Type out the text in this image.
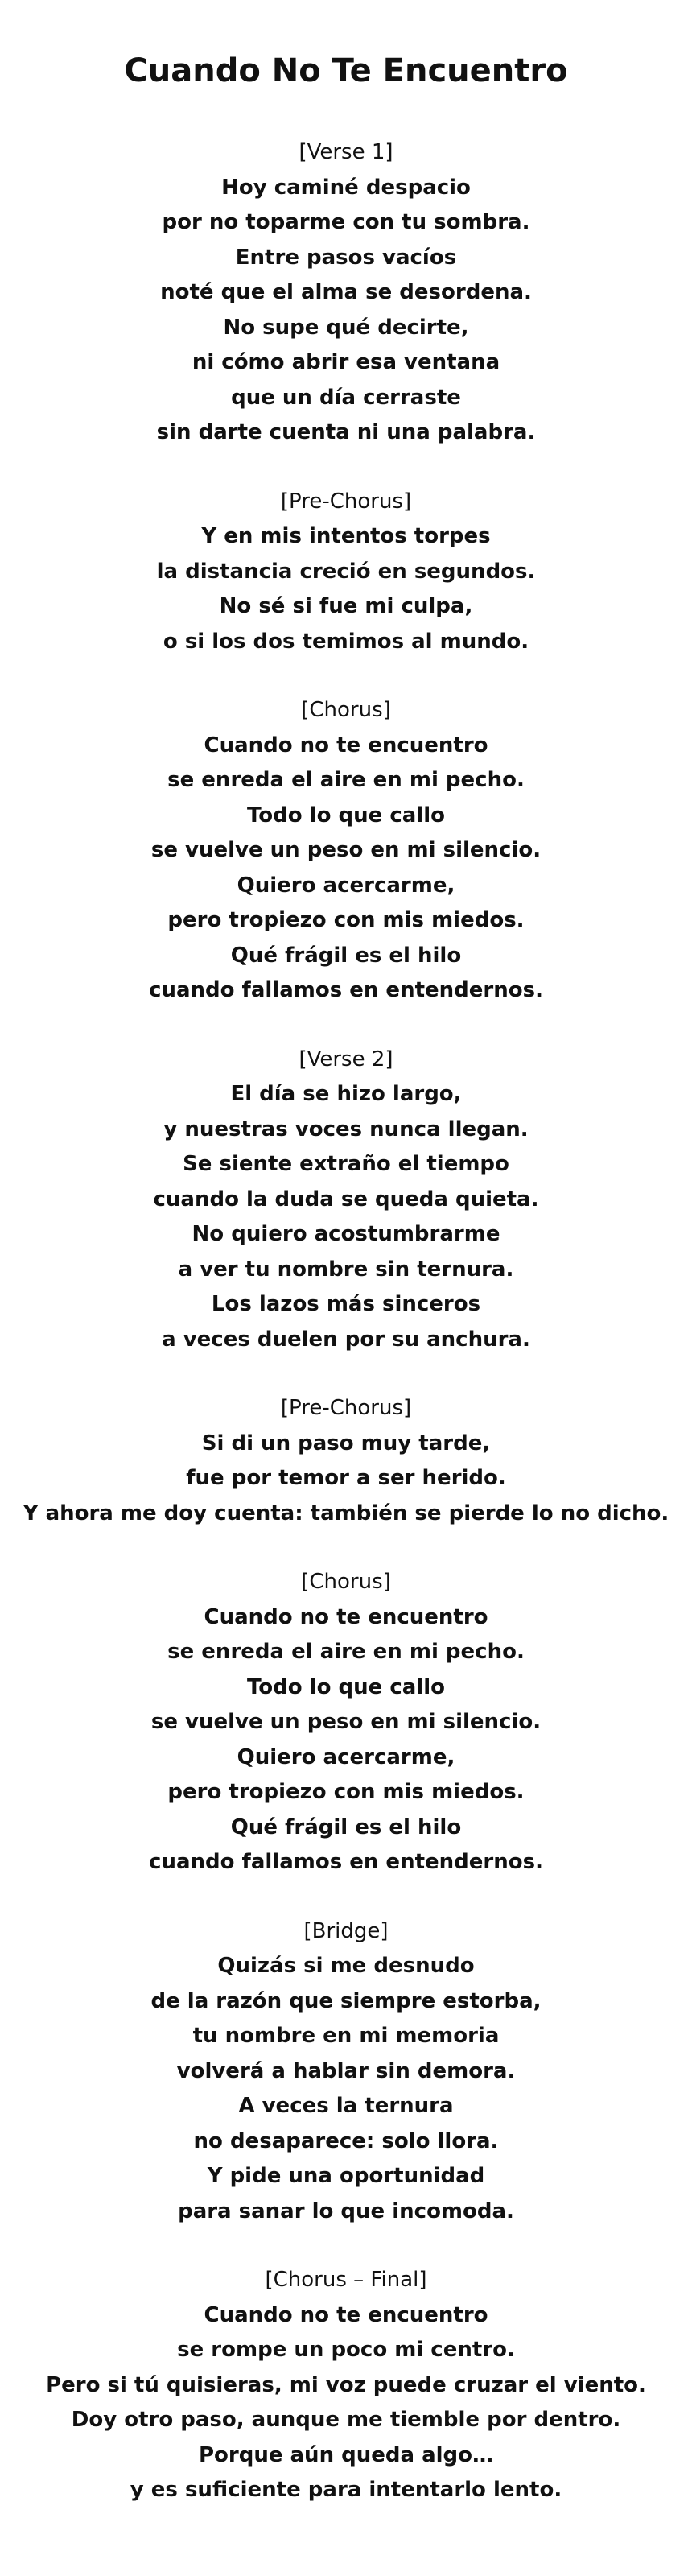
Cuando No Te Encuentro

[Verse 1]

Hoy caminé despacio

por no toparme con tu sombra.

Entre pasos vacíos

noté que el alma se desordena.

No supe qué decirte,

ni cómo abrir esa ventana

que un día cerraste

sin darte cuenta ni una palabra.

[Pre-Chorus]

Y en mis intentos torpes

la distancia creció en segundos.

No sé si fue mi culpa,

o si los dos temimos al mundo.

[Chorus]

Cuando no te encuentro

se enreda el aire en mi pecho.

Todo lo que callo

se vuelve un peso en mi silencio.

Quiero acercarme,

pero tropiezo con mis miedos.

Qué frágil es el hilo

cuando fallamos en entendernos.

[Verse 2]

El día se hizo largo,

y nuestras voces nunca llegan.

Se siente extraño el tiempo

cuando la duda se queda quieta.

No quiero acostumbrarme

a ver tu nombre sin ternura.

Los lazos más sinceros

a veces duelen por su anchura.

[Pre-Chorus]

Si di un paso muy tarde,

fue por temor a ser herido.

Y ahora me doy cuenta: también se pierde lo no dicho.

[Chorus]

Cuando no te encuentro

se enreda el aire en mi pecho.

Todo lo que callo

se vuelve un peso en mi silencio.

Quiero acercarme,

pero tropiezo con mis miedos.

Qué frágil es el hilo

cuando fallamos en entendernos.

[Bridge]

Quizás si me desnudo

de la razón que siempre estorba,

tu nombre en mi memoria

volverá a hablar sin demora.

A veces la ternura

no desaparece: solo llora.

Y pide una oportunidad

para sanar lo que incomoda.

[Chorus – Final]

Cuando no te encuentro

se rompe un poco mi centro.

Pero si tú quisieras, mi voz puede cruzar el viento.

Doy otro paso, aunque me tiemble por dentro.

Porque aún queda algo…

y es suficiente para intentarlo lento.
